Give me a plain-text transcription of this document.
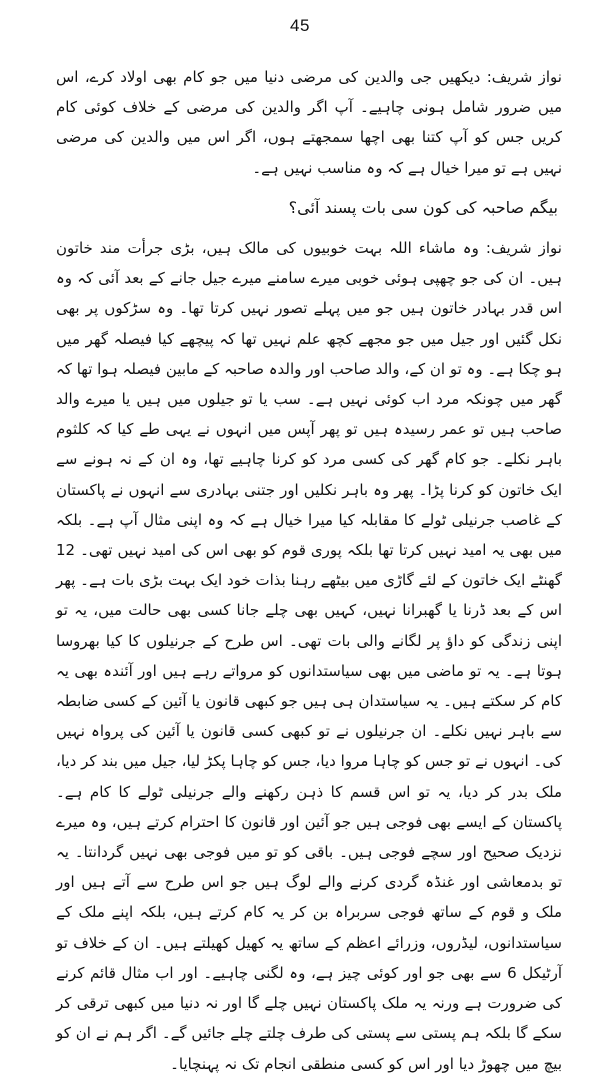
45

نواز شریف: دیکھیں جی والدین کی مرضی دنیا میں جو کام بھی اولاد کرے، اس میں ضرور شامل ہونی چاہیے۔ آپ اگر والدین کی مرضی کے خلاف کوئی کام کریں جس کو آپ کتنا بھی اچھا سمجھتے ہوں، اگر اس میں والدین کی مرضی نہیں ہے تو میرا خیال ہے کہ وہ مناسب نہیں ہے۔

بیگم صاحبہ کی کون سی بات پسند آئی؟

نواز شریف: وہ ماشاء اللہ بہت خوبیوں کی مالک ہیں، بڑی جرأت مند خاتون ہیں۔ ان کی جو چھپی ہوئی خوبی میرے سامنے میرے جیل جانے کے بعد آئی کہ وہ اس قدر بہادر خاتون ہیں جو میں پہلے تصور نہیں کرتا تھا۔ وہ سڑکوں پر بھی نکل گئیں اور جیل میں جو مجھے کچھ علم نہیں تھا کہ پیچھے کیا فیصلہ گھر میں ہو چکا ہے۔ وہ تو ان کے، والد صاحب اور والدہ صاحبہ کے مابین فیصلہ ہوا تھا کہ گھر میں چونکہ مرد اب کوئی نہیں ہے۔ سب یا تو جیلوں میں ہیں یا میرے والد صاحب ہیں تو عمر رسیدہ ہیں تو پھر آپس میں انہوں نے یہی طے کیا کہ کلثوم باہر نکلے۔ جو کام گھر کی کسی مرد کو کرنا چاہیے تھا، وہ ان کے نہ ہونے سے ایک خاتون کو کرنا پڑا۔ پھر وہ باہر نکلیں اور جتنی بہادری سے انہوں نے پاکستان کے غاصب جرنیلی ٹولے کا مقابلہ کیا میرا خیال ہے کہ وہ اپنی مثال آپ ہے۔ بلکہ میں بھی یہ امید نہیں کرتا تھا بلکہ پوری قوم کو بھی اس کی امید نہیں تھی۔ 12 گھنٹے ایک خاتون کے لئے گاڑی میں بیٹھے رہنا بذات خود ایک بہت بڑی بات ہے۔ پھر اس کے بعد ڈرنا یا گھبرانا نہیں، کہیں بھی چلے جانا کسی بھی حالت میں، یہ تو اپنی زندگی کو داؤ پر لگانے والی بات تھی۔ اس طرح کے جرنیلوں کا کیا بھروسا ہوتا ہے۔ یہ تو ماضی میں بھی سیاستدانوں کو مرواتے رہے ہیں اور آئندہ بھی یہ کام کر سکتے ہیں۔ یہ سیاستدان ہی ہیں جو کبھی قانون یا آئین کے کسی ضابطہ سے باہر نہیں نکلے۔ ان جرنیلوں نے تو کبھی کسی قانون یا آئین کی پرواہ نہیں کی۔ انہوں نے تو جس کو چاہا مروا دیا، جس کو چاہا پکڑ لیا، جیل میں بند کر دیا، ملک بدر کر دیا، یہ تو اس قسم کا ذہن رکھنے والے جرنیلی ٹولے کا کام ہے۔ پاکستان کے ایسے بھی فوجی ہیں جو آئین اور قانون کا احترام کرتے ہیں، وہ میرے نزدیک صحیح اور سچے فوجی ہیں۔ باقی کو تو میں فوجی بھی نہیں گردانتا۔ یہ تو بدمعاشی اور غنڈہ گردی کرنے والے لوگ ہیں جو اس طرح سے آتے ہیں اور ملک و قوم کے ساتھ فوجی سربراہ بن کر یہ کام کرتے ہیں، بلکہ اپنے ملک کے سیاستدانوں، لیڈروں، وزرائے اعظم کے ساتھ یہ کھیل کھیلتے ہیں۔ ان کے خلاف تو آرٹیکل 6 سے بھی جو اور کوئی چیز ہے، وہ لگنی چاہیے۔ اور اب مثال قائم کرنے کی ضرورت ہے ورنہ یہ ملک پاکستان نہیں چلے گا اور نہ دنیا میں کبھی ترقی کر سکے گا بلکہ ہم پستی سے پستی کی طرف چلتے چلے جائیں گے۔ اگر ہم نے ان کو بیچ میں چھوڑ دیا اور اس کو کسی منطقی انجام تک نہ پہنچایا۔
